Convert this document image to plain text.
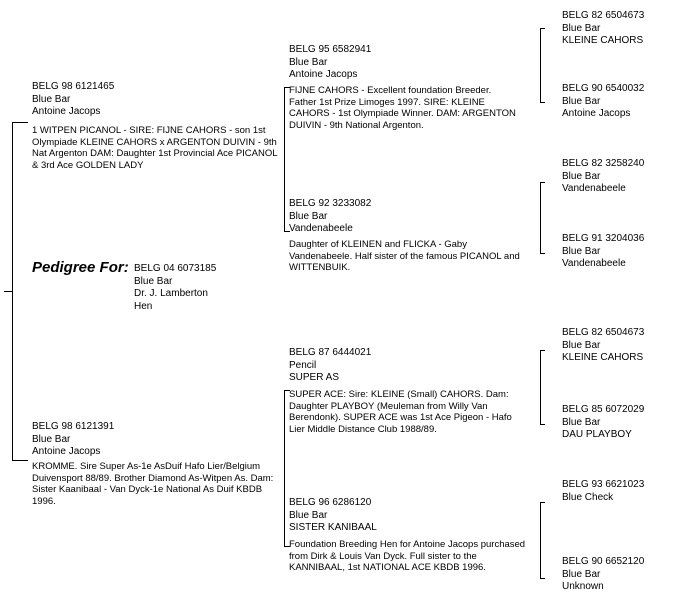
Pedigree For: BELG 04 6073185
Blue Bar
Dr. J. Lamberton
Hen
BELG 98 6121465
Blue Bar
Antoine Jacops
1 WITPEN PICANOL - SIRE: FIJNE CAHORS - son 1st Olympiade KLEINE CAHORS x ARGENTON DUIVIN - 9th Nat Argenton DAM: Daughter 1st Provincial Ace PICANOL & 3rd Ace GOLDEN LADY
BELG 98 6121391
Blue Bar
Antoine Jacops
KROMME. Sire Super As-1e AsDuif Hafo Lier/Belgium Duivensport 88/89. Brother Diamond As-Witpen As. Dam: Sister Kaanibaal - Van Dyck-1e National As Duif KBDB 1996.
BELG 95 6582941
Blue Bar
Antoine Jacops
FIJNE CAHORS - Excellent foundation Breeder. Father 1st Prize Limoges 1997. SIRE: KLEINE CAHORS - 1st Olympiade Winner. DAM: ARGENTON DUIVIN - 9th National Argenton.
BELG 92 3233082
Blue Bar
Vandenabeele
Daughter of KLEINEN and FLICKA - Gaby Vandenabeele. Half sister of the famous PICANOL and WITTENBUIK.
BELG 87 6444021
Pencil
SUPER AS
SUPER ACE: Sire: KLEINE (Small) CAHORS. Dam: Daughter PLAYBOY (Meuleman from Willy Van Berendonk). SUPER ACE was 1st Ace Pigeon - Hafo Lier Middle Distance Club 1988/89.
BELG 96 6286120
Blue Bar
SISTER KANIBAAL
Foundation Breeding Hen for Antoine Jacops purchased from Dirk & Louis Van Dyck. Full sister to the KANNIBAAL, 1st NATIONAL ACE KBDB 1996.
BELG 82 6504673
Blue Bar
KLEINE CAHORS
BELG 90 6540032
Blue Bar
Antoine Jacops
BELG 82 3258240
Blue Bar
Vandenabeele
BELG 91 3204036
Blue Bar
Vandenabeele
BELG 82 6504673
Blue Bar
KLEINE CAHORS
BELG 85 6072029
Blue Bar
DAU PLAYBOY
BELG 93 6621023
Blue Check
BELG 90 6652120
Blue Bar
Unknown
